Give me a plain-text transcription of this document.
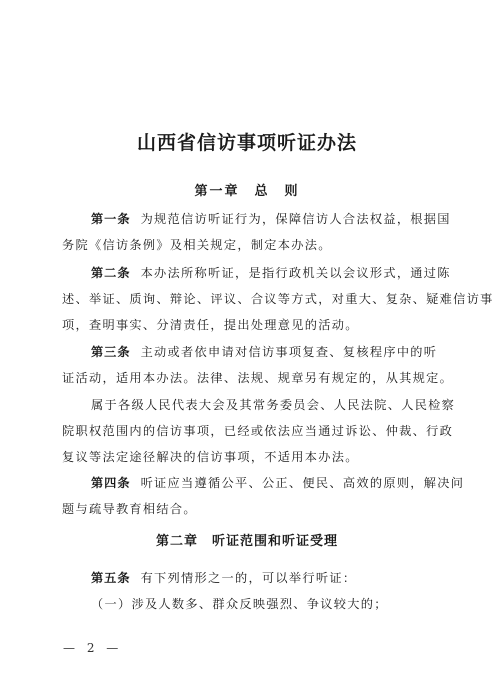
山西省信访事项听证办法
第一章　总　则
第一条 为规范信访听证行为，保障信访人合法权益，根据国
务院《信访条例》及相关规定，制定本办法。
第二条 本办法所称听证，是指行政机关以会议形式，通过陈
述、举证、质询、辩论、评议、合议等方式，对重大、复杂、疑难信访事
项，查明事实、分清责任，提出处理意见的活动。
第三条 主动或者依申请对信访事项复查、复核程序中的听
证活动，适用本办法。法律、法规、规章另有规定的，从其规定。
属于各级人民代表大会及其常务委员会、人民法院、人民检察
院职权范围内的信访事项，已经或依法应当通过诉讼、仲裁、行政
复议等法定途径解决的信访事项，不适用本办法。
第四条 听证应当遵循公平、公正、便民、高效的原则，解决问
题与疏导教育相结合。
第二章　听证范围和听证受理
第五条 有下列情形之一的，可以举行听证：
（一）涉及人数多、群众反映强烈、争议较大的；
— 2 —
